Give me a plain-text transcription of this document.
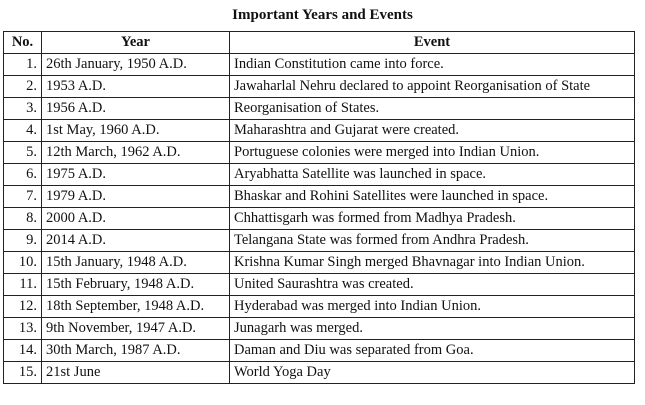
Important Years and Events
No.	Year	Event
1.	26th January, 1950 A.D.	Indian Constitution came into force.
2.	1953 A.D.	Jawaharlal Nehru declared to appoint Reorganisation of State
3.	1956 A.D.	Reorganisation of States.
4.	1st May, 1960 A.D.	Maharashtra and Gujarat were created.
5.	12th March, 1962 A.D.	Portuguese colonies were merged into Indian Union.
6.	1975 A.D.	Aryabhatta Satellite was launched in space.
7.	1979 A.D.	Bhaskar and Rohini Satellites were launched in space.
8.	2000 A.D.	Chhattisgarh was formed from Madhya Pradesh.
9.	2014 A.D.	Telangana State was formed from Andhra Pradesh.
10.	15th January, 1948 A.D.	Krishna Kumar Singh merged Bhavnagar into Indian Union.
11.	15th February, 1948 A.D.	United Saurashtra was created.
12.	18th September, 1948 A.D.	Hyderabad was merged into Indian Union.
13.	9th November, 1947 A.D.	Junagarh was merged.
14.	30th March, 1987 A.D.	Daman and Diu was separated from Goa.
15.	21st June	World Yoga Day
